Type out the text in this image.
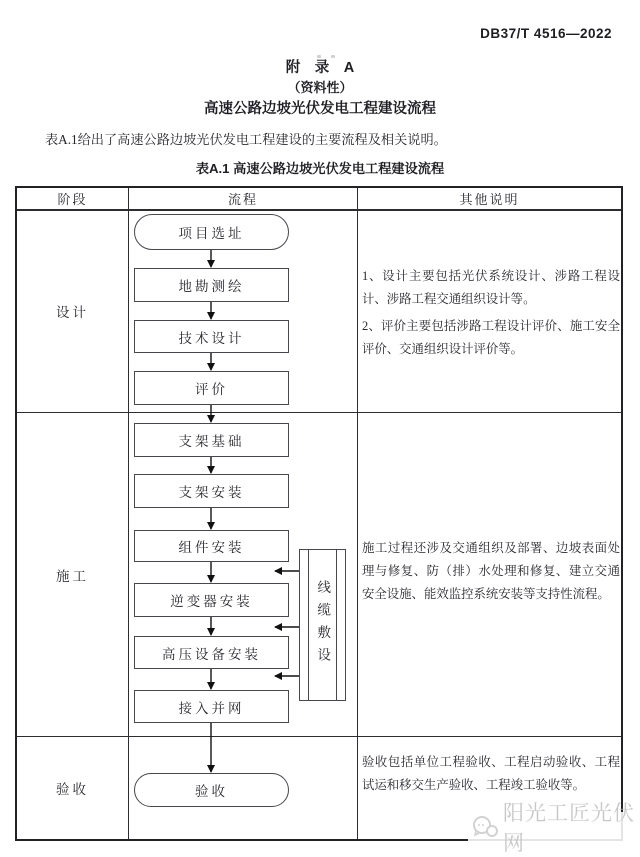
DB37/T 4516—2022
附　录　A
（资料性）
高速公路边坡光伏发电工程建设流程

表A.1给出了高速公路边坡光伏发电工程建设的主要流程及相关说明。

表A.1 高速公路边坡光伏发电工程建设流程
阶段	流程	其他说明
设计
施工
验收
项目选址
地勘测绘
技术设计
评价
支架基础
支架安装
组件安装
逆变器安装
高压设备安装
接入并网
验收
线缆敷设

1、设计主要包括光伏系统设计、涉路工程设计、涉路工程交通组织设计等。

2、评价主要包括涉路工程设计评价、施工安全评价、交通组织设计评价等。

施工过程还涉及交通组织及部署、边坡表面处理与修复、防（排）水处理和修复、建立交通安全设施、能效监控系统安装等支持性流程。

验收包括单位工程验收、工程启动验收、工程试运和移交生产验收、工程竣工验收等。

阳光工匠光伏网
